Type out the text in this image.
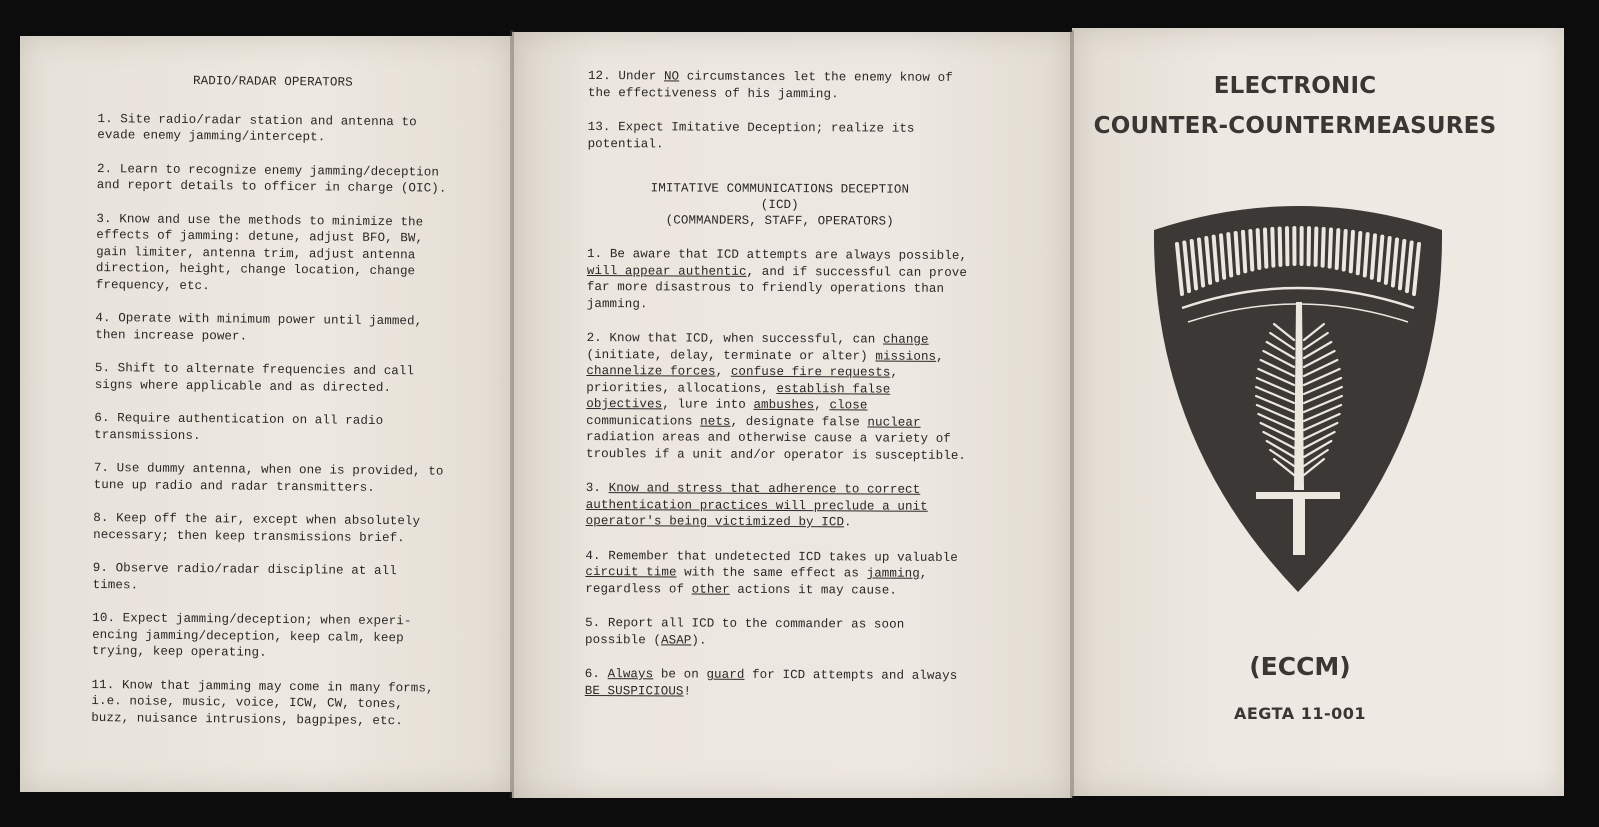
RADIO/RADAR OPERATORS
1. Site radio/radar station and antenna to evade enemy jamming/intercept.
2. Learn to recognize enemy jamming/deception and report details to officer in charge (OIC).
3. Know and use the methods to minimize the effects of jamming: detune, adjust BFO, BW, gain limiter, antenna trim, adjust antenna direction, height, change location, change frequency, etc.
4. Operate with minimum power until jammed, then increase power.
5. Shift to alternate frequencies and call signs where applicable and as directed.
6. Require authentication on all radio transmissions.
7. Use dummy antenna, when one is provided, to tune up radio and radar transmitters.
8. Keep off the air, except when absolutely necessary; then keep transmissions brief.
9. Observe radio/radar discipline at all times.
10. Expect jamming/deception; when experi- encing jamming/deception, keep calm, keep trying, keep operating.
11. Know that jamming may come in many forms, i.e. noise, music, voice, ICW, CW, tones, buzz, nuisance intrusions, bagpipes, etc.
12. Under NO circumstances let the enemy know of the effectiveness of his jamming.
13. Expect Imitative Deception; realize its potential.
IMITATIVE COMMUNICATIONS DECEPTION
(ICD)
(COMMANDERS, STAFF, OPERATORS)
1. Be aware that ICD attempts are always possible, will appear authentic, and if successful can prove far more disastrous to friendly operations than jamming.
2. Know that ICD, when successful, can change (initiate, delay, terminate or alter) missions, channelize forces, confuse fire requests, priorities, allocations, establish false objectives, lure into ambushes, close communications nets, designate false nuclear radiation areas and otherwise cause a variety of troubles if a unit and/or operator is susceptible.
3. Know and stress that adherence to correct authentication practices will preclude a unit operator's being victimized by ICD.
4. Remember that undetected ICD takes up valuable circuit time with the same effect as jamming, regardless of other actions it may cause.
5. Report all ICD to the commander as soon possible (ASAP).
6. Always be on guard for ICD attempts and always BE SUSPICIOUS!
ELECTRONIC
COUNTER-COUNTERMEASURES
(ECCM)
AEGTA 11-001
